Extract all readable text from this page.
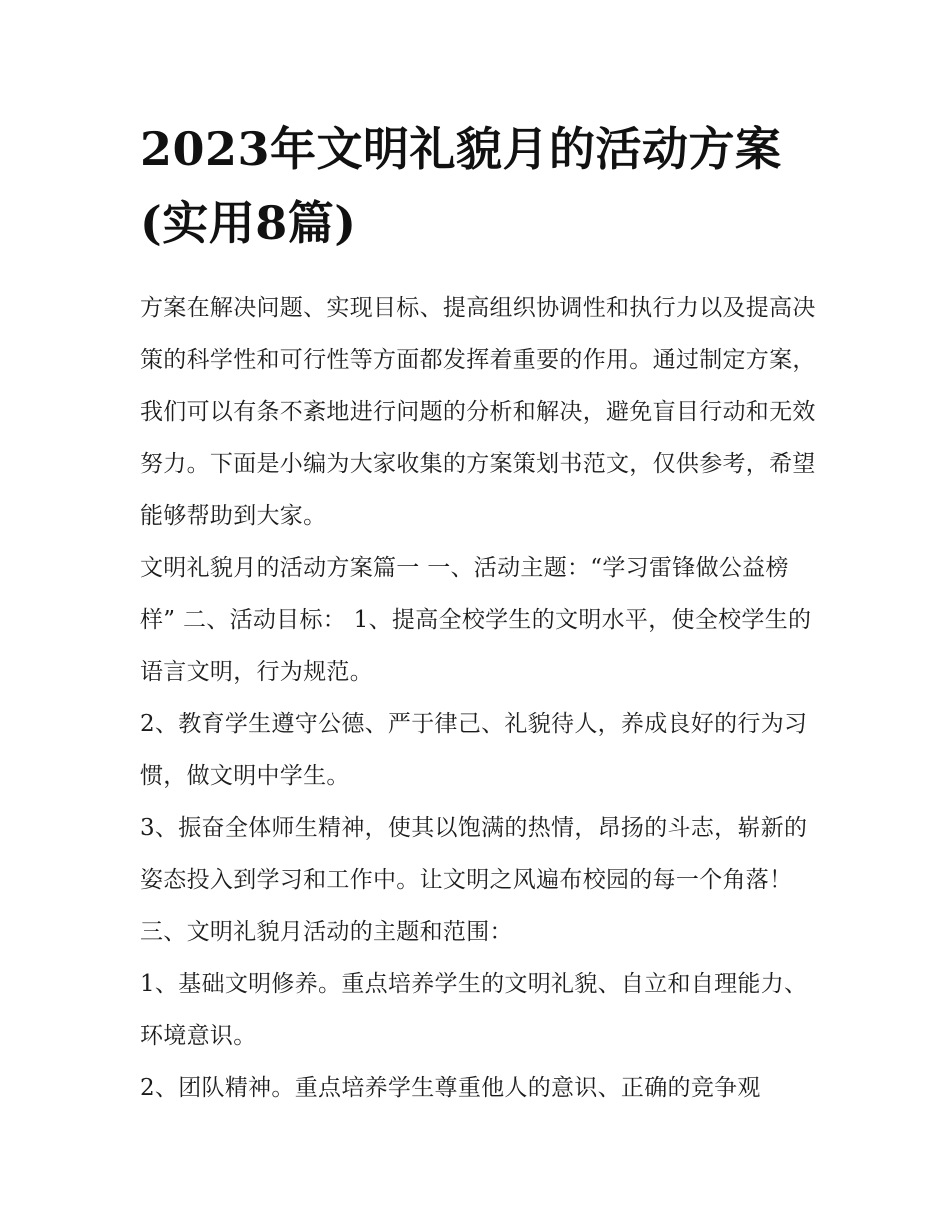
2023年文明礼貌月的活动方案(实用8篇)

方案在解决问题、实现目标、提高组织协调性和执行力以及提高决策的科学性和可行性等方面都发挥着重要的作用。通过制定方案，我们可以有条不紊地进行问题的分析和解决，避免盲目行动和无效努力。下面是小编为大家收集的方案策划书范文，仅供参考，希望能够帮助到大家。

文明礼貌月的活动方案篇一 一、活动主题：“学习雷锋做公益榜样” 二、活动目标： 1、提高全校学生的文明水平，使全校学生的语言文明，行为规范。

2、教育学生遵守公德、严于律己、礼貌待人，养成良好的行为习惯，做文明中学生。

3、振奋全体师生精神，使其以饱满的热情，昂扬的斗志，崭新的姿态投入到学习和工作中。让文明之风遍布校园的每一个角落！ 三、文明礼貌月活动的主题和范围：

1、基础文明修养。重点培养学生的文明礼貌、自立和自理能力、环境意识。

2、团队精神。重点培养学生尊重他人的意识、正确的竞争观
